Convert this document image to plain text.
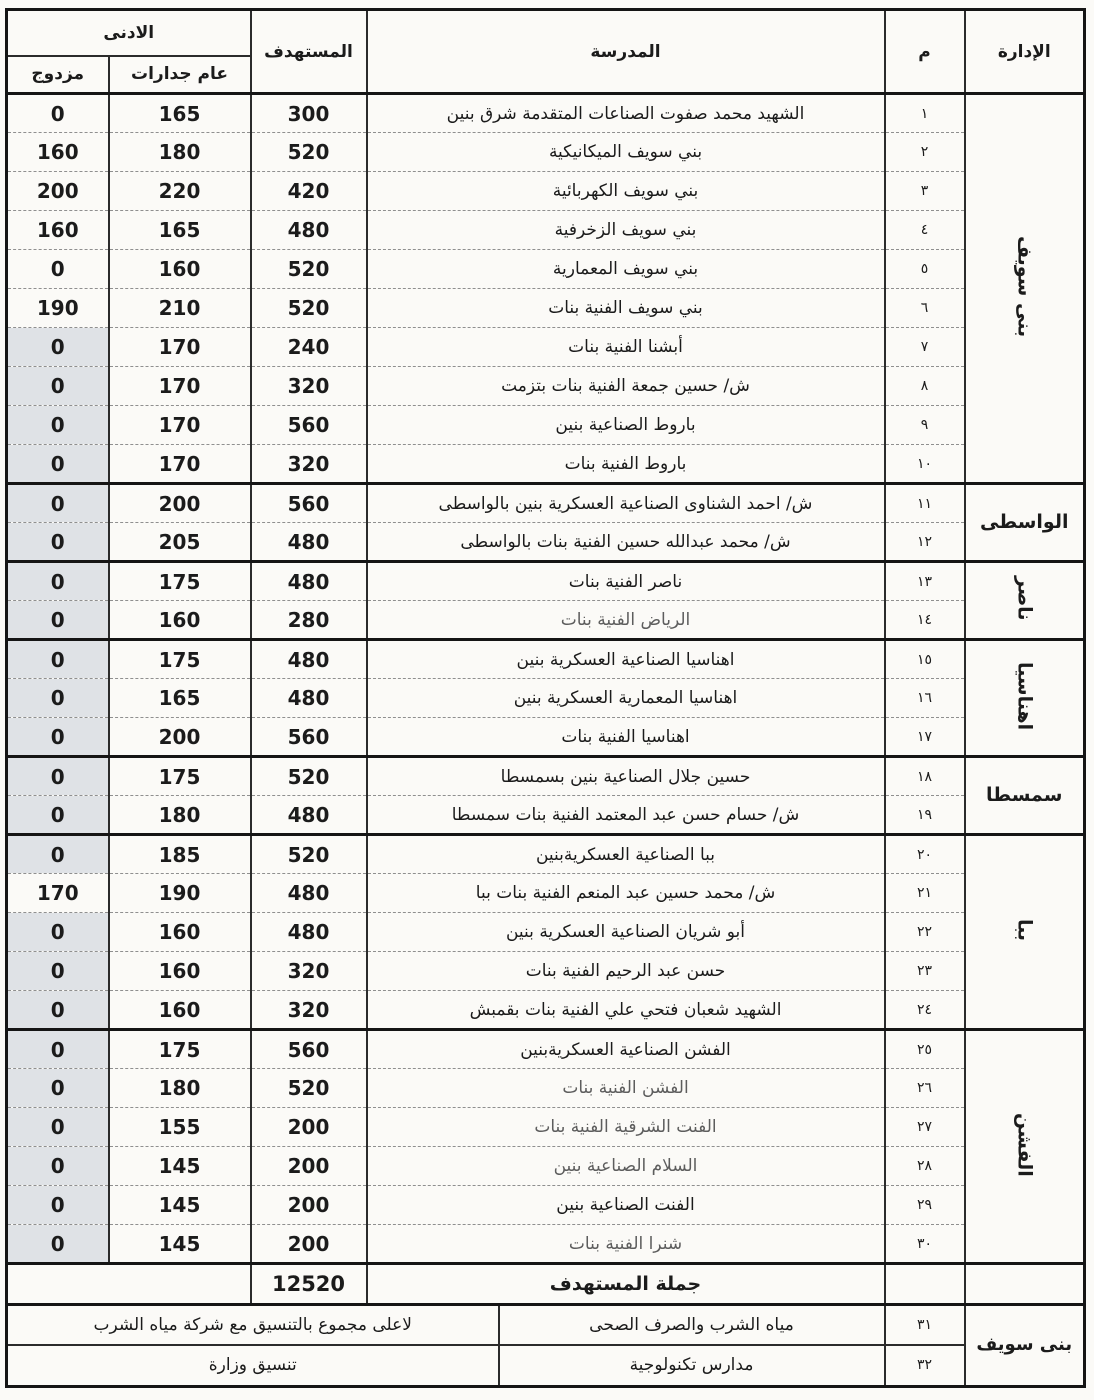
الإدارة	م	المدرسة	المستهدف	الادنى	
				عام جدارات	مزدوج
بنى سويف	١	الشهيد محمد صفوت الصناعات المتقدمة شرق بنين	300	165	0
	٢	بني سويف الميكانيكية	520	180	160
	٣	بني سويف الكهربائية	420	220	200
	٤	بني سويف الزخرفية	480	165	160
	٥	بني سويف المعمارية	520	160	0
	٦	بني سويف الفنية بنات	520	210	190
	٧	أبشنا الفنية بنات	240	170	0
	٨	ش/ حسين جمعة الفنية بنات بتزمت	320	170	0
	٩	باروط الصناعية بنين	560	170	0
	١٠	باروط الفنية بنات	320	170	0
الواسطى	١١	ش/ احمد الشناوى الصناعية العسكرية بنين بالواسطى	560	200	0
	١٢	ش/ محمد عبدالله حسين الفنية بنات بالواسطى	480	205	0
ناصر	١٣	ناصر الفنية بنات	480	175	0
	١٤	الرياض الفنية بنات	280	160	0
اهناسيا	١٥	اهناسيا الصناعية العسكرية بنين	480	175	0
	١٦	اهناسيا المعمارية العسكرية بنين	480	165	0
	١٧	اهناسيا الفنية بنات	560	200	0
سمسطا	١٨	حسين جلال الصناعية بنين بسمسطا	520	175	0
	١٩	ش/ حسام حسن عبد المعتمد الفنية بنات سمسطا	480	180	0
ببا	٢٠	ببا الصناعية العسكريةبنين	520	185	0
	٢١	ش/ محمد حسين عبد المنعم الفنية بنات ببا	480	190	170
	٢٢	أبو شريان الصناعية العسكرية بنين	480	160	0
	٢٣	حسن عبد الرحيم الفنية بنات	320	160	0
	٢٤	الشهيد شعبان فتحي علي الفنية بنات بقمبش	320	160	0
الفشن	٢٥	الفشن الصناعية العسكريةبنين	560	175	0
	٢٦	الفشن الفنية بنات	520	180	0
	٢٧	الفنت الشرقية الفنية بنات	200	155	0
	٢٨	السلام الصناعية بنين	200	145	0
	٢٩	الفنت الصناعية بنين	200	145	0
	٣٠	شنرا الفنية بنات	200	145	0
		جملة المستهدف	12520		
بنى سويف	٣١	مياه الشرب والصرف الصحى	لاعلى مجموع بالتنسيق مع شركة مياه الشرب
	٣٢	مدارس تكنولوجية	تنسيق وزارة
